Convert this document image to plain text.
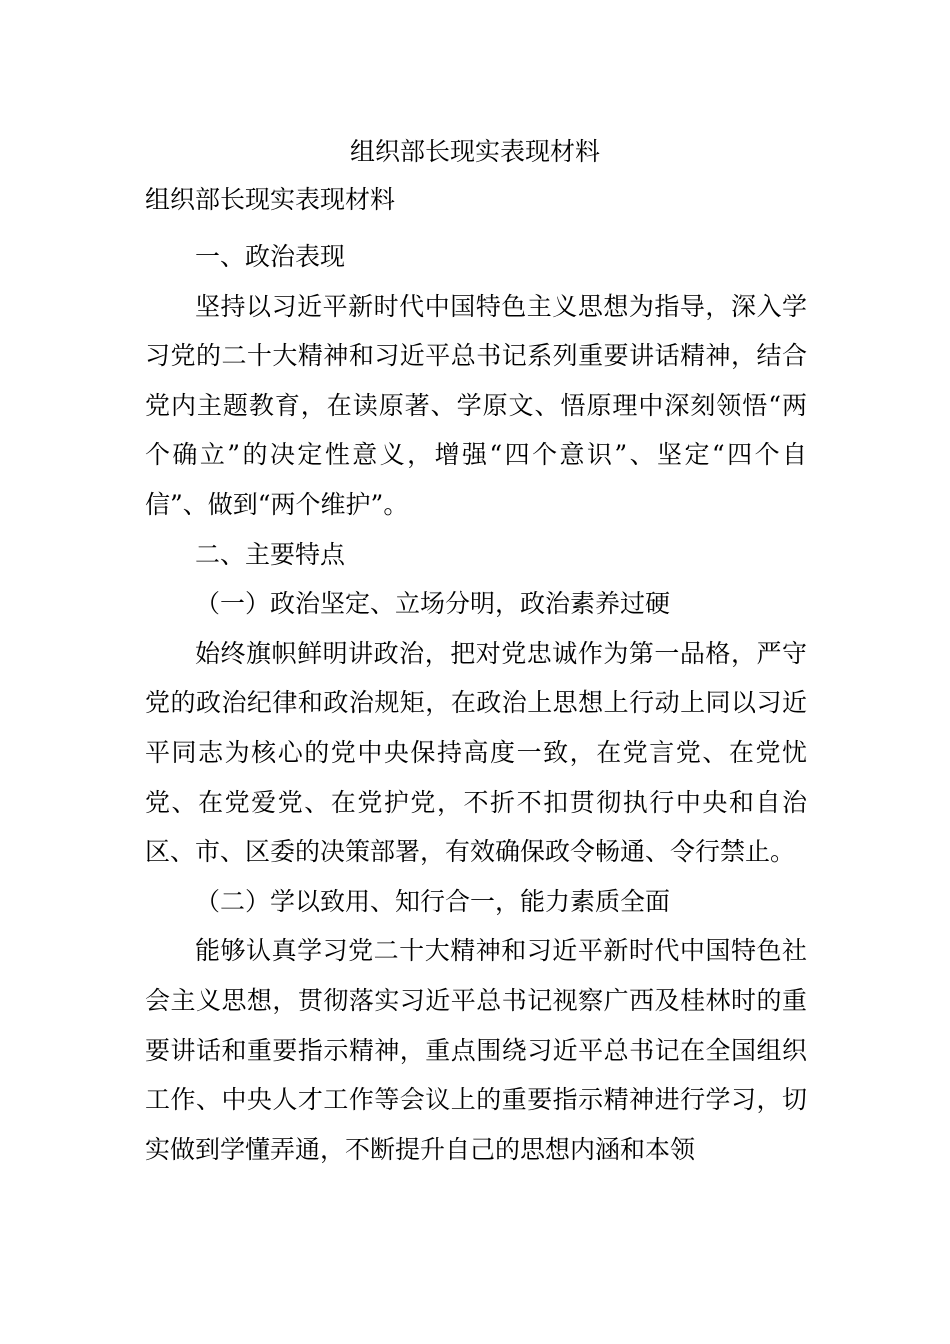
组织部长现实表现材料

组织部长现实表现材料

一、政治表现

坚持以习近平新时代中国特色主义思想为指导，深入学习党的二十大精神和习近平总书记系列重要讲话精神，结合党内主题教育，在读原著、学原文、悟原理中深刻领悟“两个确立”的决定性意义，增强“四个意识”、坚定“四个自信”、做到“两个维护”。

二、主要特点

（一）政治坚定、立场分明，政治素养过硬

始终旗帜鲜明讲政治，把对党忠诚作为第一品格，严守党的政治纪律和政治规矩，在政治上思想上行动上同以习近平同志为核心的党中央保持高度一致，在党言党、在党忧党、在党爱党、在党护党，不折不扣贯彻执行中央和自治区、市、区委的决策部署，有效确保政令畅通、令行禁止。

（二）学以致用、知行合一，能力素质全面

能够认真学习党二十大精神和习近平新时代中国特色社会主义思想，贯彻落实习近平总书记视察广西及桂林时的重要讲话和重要指示精神，重点围绕习近平总书记在全国组织工作、中央人才工作等会议上的重要指示精神进行学习，切实做到学懂弄通，不断提升自己的思想内涵和本领
